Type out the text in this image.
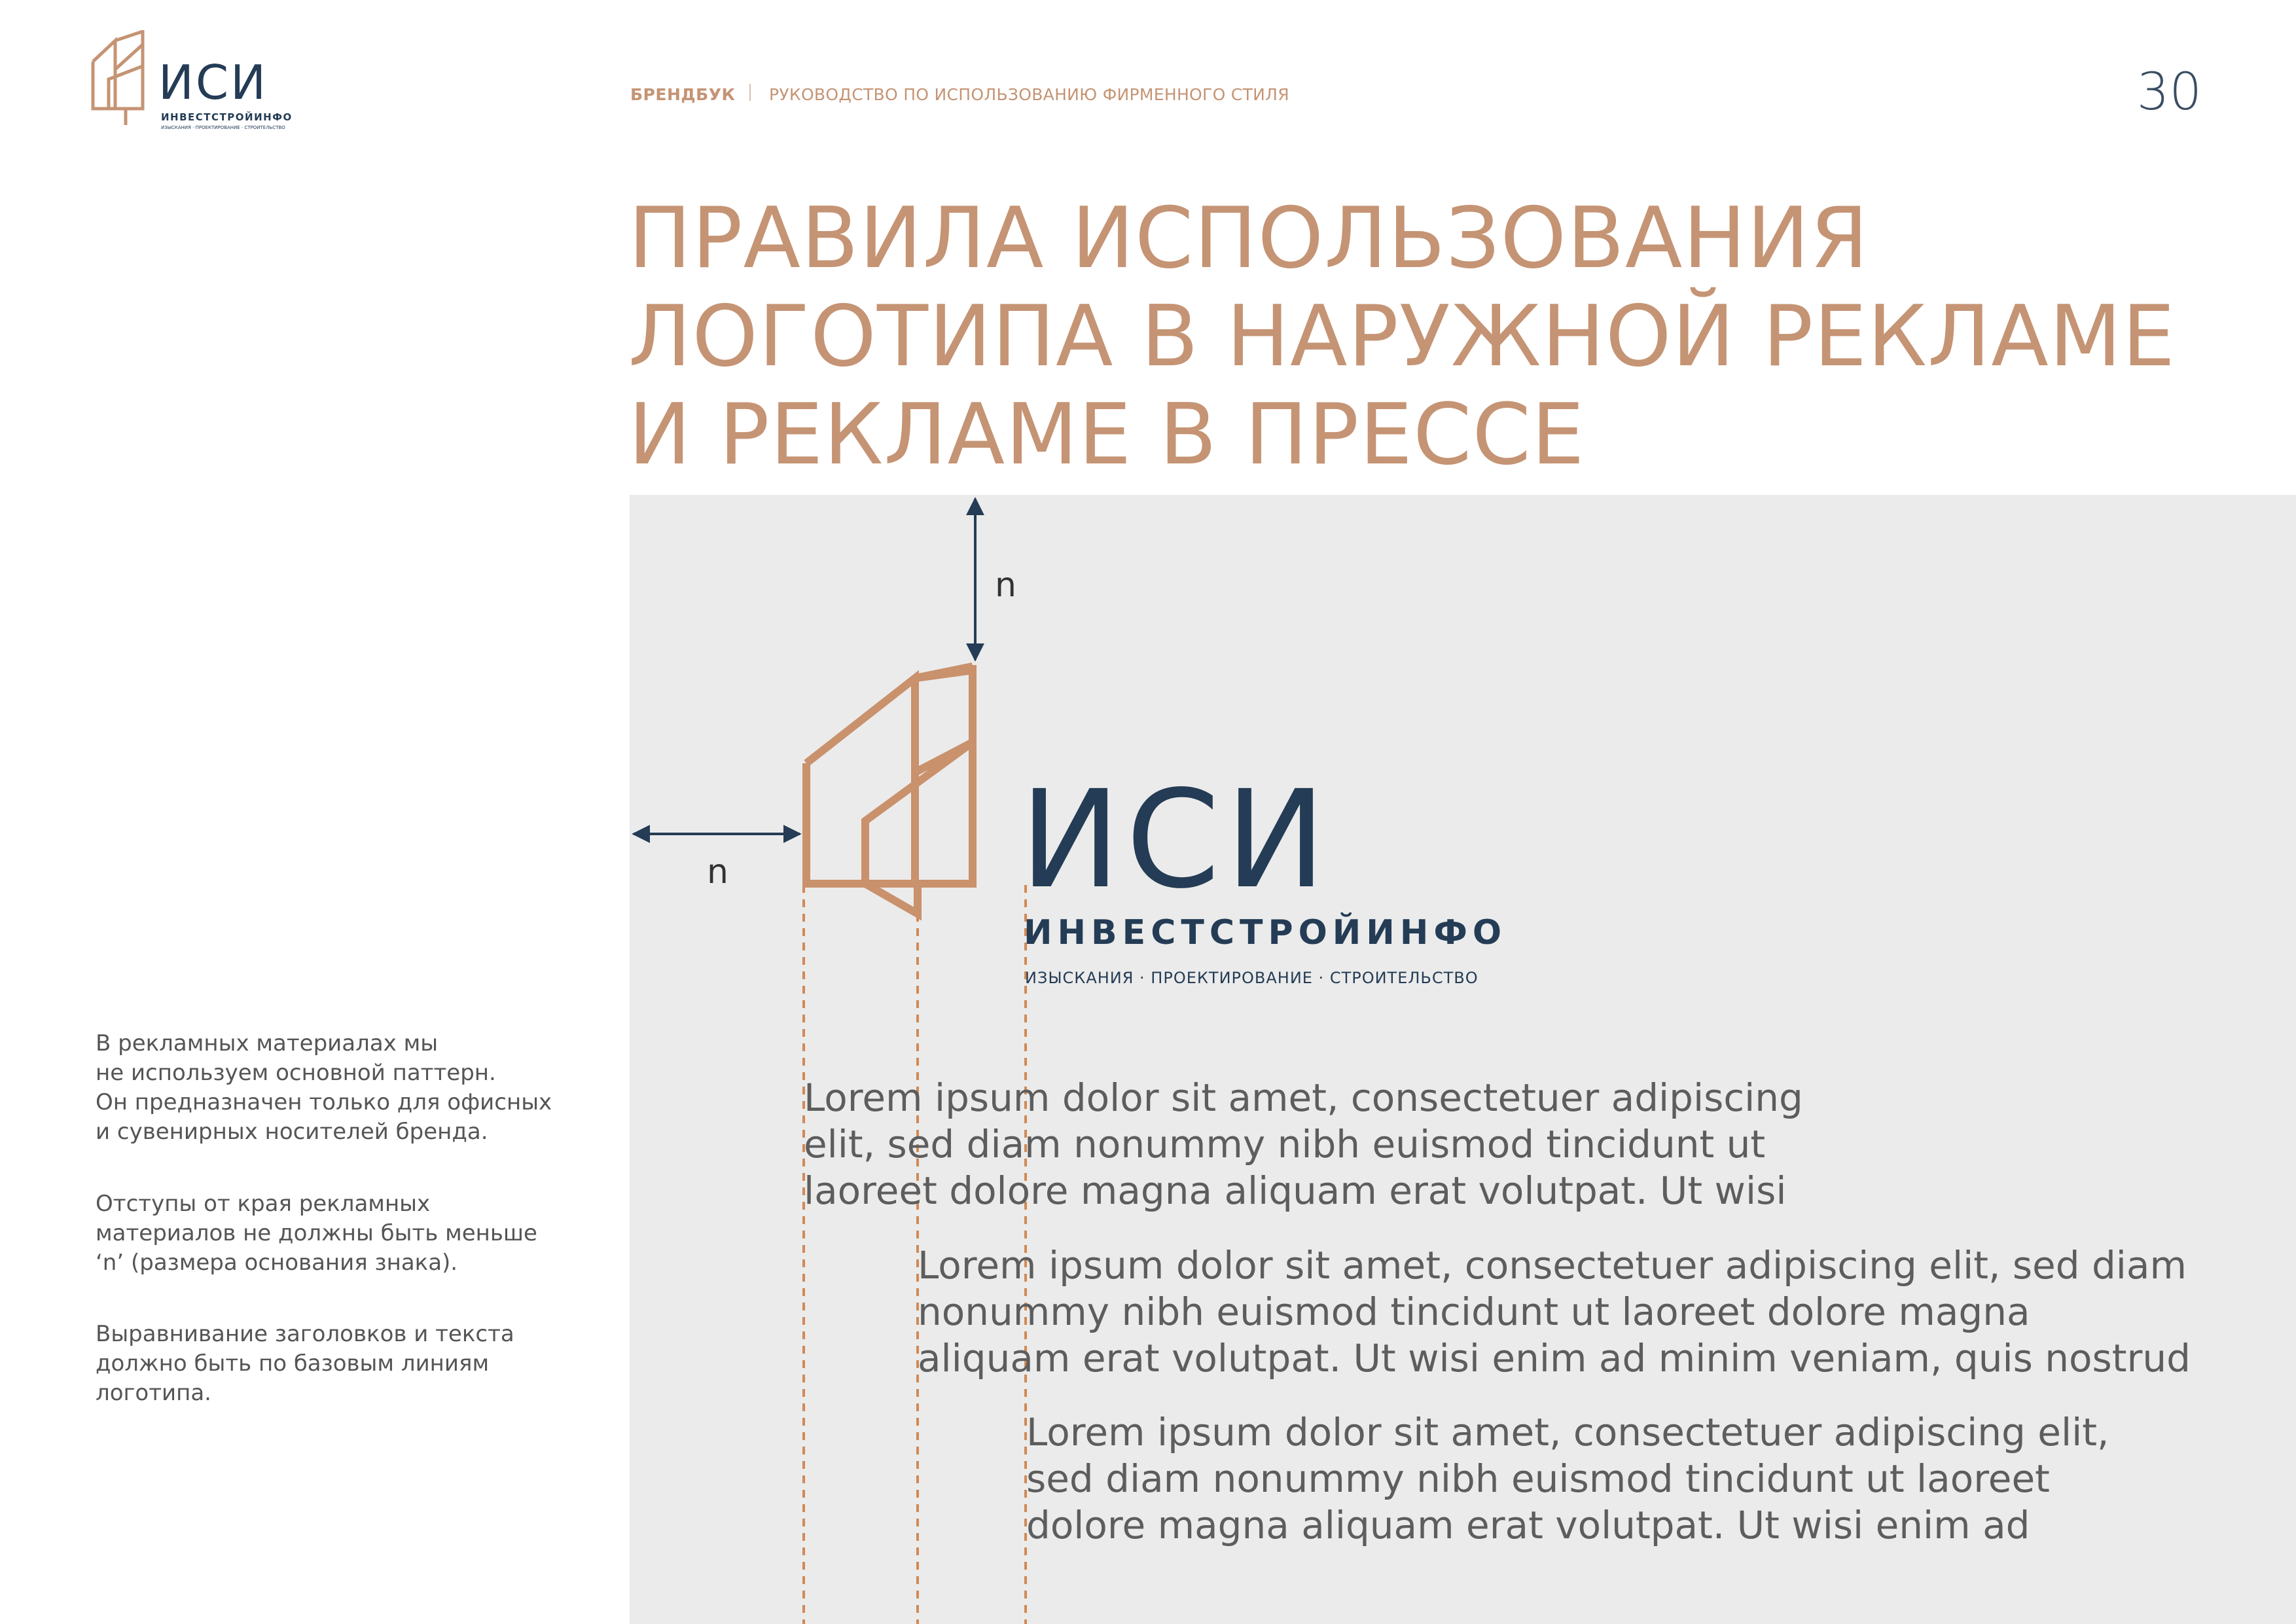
ИСИ
ИНВЕСТСТРОЙИНФО
ИЗЫСКАНИЯ · ПРОЕКТИРОВАНИЕ · СТРОИТЕЛЬСТВО
БРЕНДБУК РУКОВОДСТВО ПО ИСПОЛЬЗОВАНИЮ ФИРМЕННОГО СТИЛЯ	30
ПРАВИЛА ИСПОЛЬЗОВАНИЯ
ЛОГОТИПА В НАРУЖНОЙ РЕКЛАМЕ
И РЕКЛАМЕ В ПРЕССЕ
В рекламных материалах мы
не используем основной паттерн.
Он предназначен только для офисных
и сувенирных носителей бренда.
Отступы от края рекламных
материалов не должны быть меньше
‘n’ (размера основания знака).
Выравнивание заголовков и текста
должно быть по базовым линиям
логотипа.
n
n ИСИ
ИНВЕСТСТРОЙИНФО
ИЗЫСКАНИЯ · ПРОЕКТИРОВАНИЕ · СТРОИТЕЛЬСТВО
Lorem ipsum dolor sit amet, consectetuer adipiscing
elit, sed diam nonummy nibh euismod tincidunt ut
laoreet dolore magna aliquam erat volutpat. Ut wisi
Lorem ipsum dolor sit amet, consectetuer adipiscing elit, sed diam
nonummy nibh euismod tincidunt ut laoreet dolore magna
aliquam erat volutpat. Ut wisi enim ad minim veniam, quis nostrud
Lorem ipsum dolor sit amet, consectetuer adipiscing elit,
sed diam nonummy nibh euismod tincidunt ut laoreet
dolore magna aliquam erat volutpat. Ut wisi enim ad
